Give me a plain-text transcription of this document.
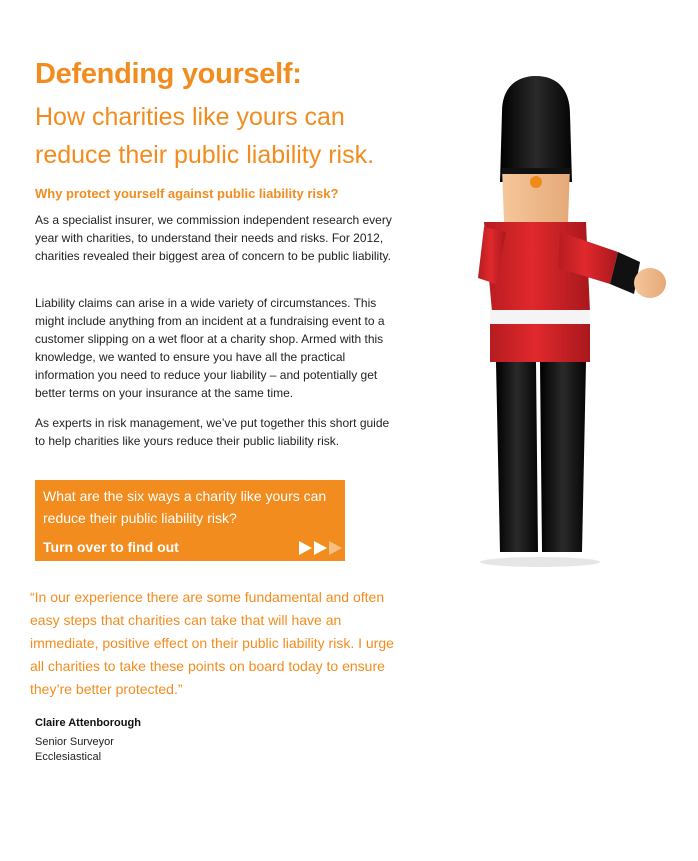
Defending yourself:
How charities like yours can reduce their public liability risk.
Why protect yourself against public liability risk?

As a specialist insurer, we commission independent research every year with charities, to understand their needs and risks. For 2012, charities revealed their biggest area of concern to be public liability.

Liability claims can arise in a wide variety of circumstances. This might include anything from an incident at a fundraising event to a customer slipping on a wet floor at a charity shop. Armed with this knowledge, we wanted to ensure you have all the practical information you need to reduce your liability – and potentially get better terms on your insurance at the same time.

As experts in risk management, we’ve put together this short guide to help charities like yours reduce their public liability risk.

What are the six ways a charity like yours can reduce their public liability risk?

Turn over to find out

“In our experience there are some fundamental and often easy steps that charities can take that will have an immediate, positive effect on their public liability risk. I urge all charities to take these points on board today to ensure they’re better protected.”

Claire Attenborough
Senior Surveyor
Ecclesiastical
